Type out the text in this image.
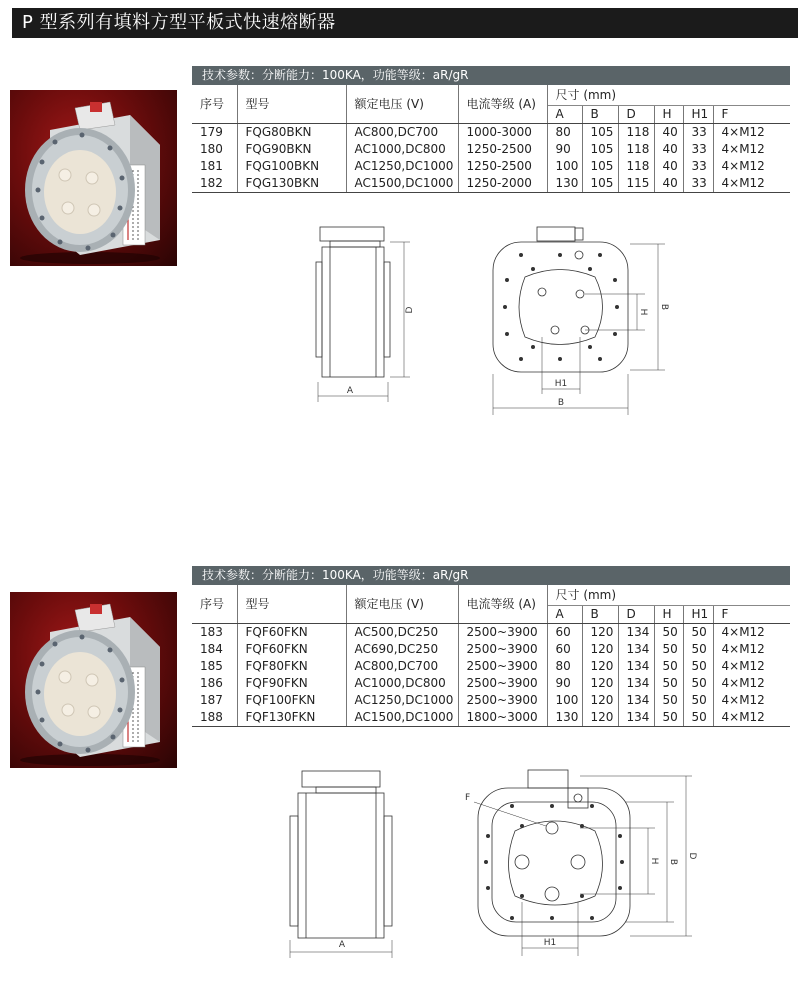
P 型系列有填料方型平板式快速熔断器
技术参数：分断能力：100KA，功能等级：aR/gR
序号	型号	额定电压 (V)	电流等级 (A)	尺寸 (mm)					
				A	B	D	H	H1	F
179	FQG80BKN	AC800,DC700	1000-3000	80	105	118	40	33	4×M12
180	FQG90BKN	AC1000,DC800	1250-2500	90	105	118	40	33	4×M12
181	FQG100BKN	AC1250,DC1000	1250-2500	100	105	118	40	33	4×M12
182	FQG130BKN	AC1500,DC1000	1250-2000	130	105	115	40	33	4×M12
A
D	H
B
H1
B
技术参数：分断能力：100KA，功能等级：aR/gR
序号	型号	额定电压 (V)	电流等级 (A)	尺寸 (mm)					
				A	B	D	H	H1	F
183	FQF60FKN	AC500,DC250	2500~3900	60	120	134	50	50	4×M12
184	FQF60FKN	AC690,DC250	2500~3900	60	120	134	50	50	4×M12
185	FQF80FKN	AC800,DC700	2500~3900	80	120	134	50	50	4×M12
186	FQF90FKN	AC1000,DC800	2500~3900	90	120	134	50	50	4×M12
187	FQF100FKN	AC1250,DC1000	2500~3900	100	120	134	50	50	4×M12
188	FQF130FKN	AC1500,DC1000	1800~3000	130	120	134	50	50	4×M12
A
F
H B
D
H1
